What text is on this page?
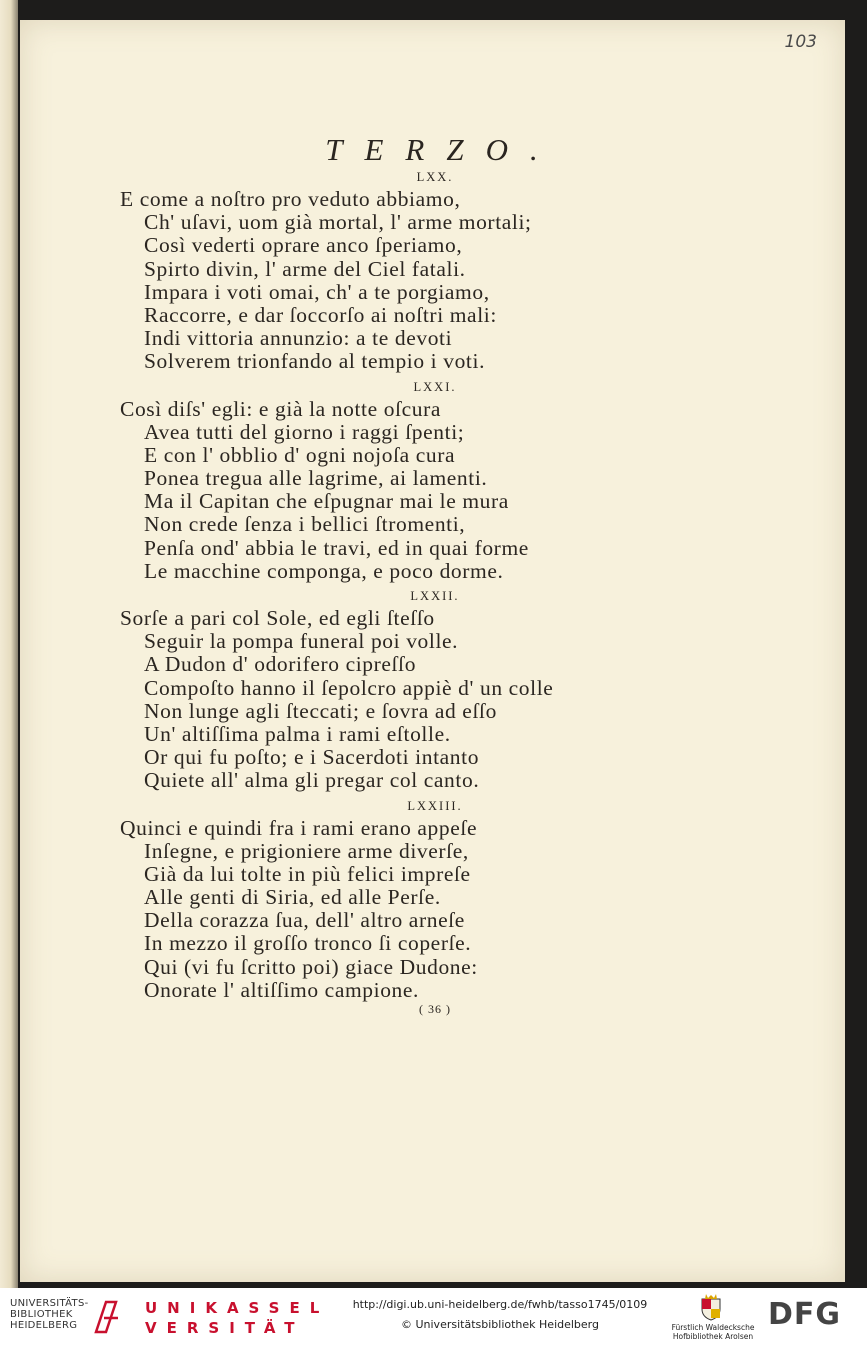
103
TERZO.
LXX.
E come a noſtro pro veduto abbiamo,
Ch' uſavi, uom già mortal, l' arme mortali;
Così vederti oprare anco ſperiamo,
Spirto divin, l' arme del Ciel fatali.
Impara i voti omai, ch' a te porgiamo,
Raccorre, e dar ſoccorſo ai noſtri mali:
Indi vittoria annunzio: a te devoti
Solverem trionfando al tempio i voti.
LXXI.
Così diſs' egli: e già la notte oſcura
Avea tutti del giorno i raggi ſpenti;
E con l' obblio d' ogni nojoſa cura
Ponea tregua alle lagrime, ai lamenti.
Ma il Capitan che eſpugnar mai le mura
Non crede ſenza i bellici ſtromenti,
Penſa ond' abbia le travi, ed in quai forme
Le macchine componga, e poco dorme.
LXXII.
Sorſe a pari col Sole, ed egli ſteſſo
Seguir la pompa funeral poi volle.
A Dudon d' odorifero cipreſſo
Compoſto hanno il ſepolcro appiè d' un colle
Non lunge agli ſteccati; e ſovra ad eſſo
Un' altiſſima palma i rami eſtolle.
Or qui fu poſto; e i Sacerdoti intanto
Quiete all' alma gli pregar col canto.
LXXIII.
Quinci e quindi fra i rami erano appeſe
Inſegne, e prigioniere arme diverſe,
Già da lui tolte in più felici impreſe
Alle genti di Siria, ed alle Perſe.
Della corazza ſua, dell' altro arneſe
In mezzo il groſſo tronco ſi coperſe.
Qui (vi fu ſcritto poi) giace Dudone:
Onorate l' altiſſimo campione.
( 36 )
UNIVERSITÄTS-
BIBLIOTHEK
HEIDELBERG
UNIKASSEL
VERSITÄT
http://digi.ub.uni-heidelberg.de/fwhb/tasso1745/0109
© Universitätsbibliothek Heidelberg	Fürstlich Waldecksche
Hofbibliothek Arolsen
DFG
